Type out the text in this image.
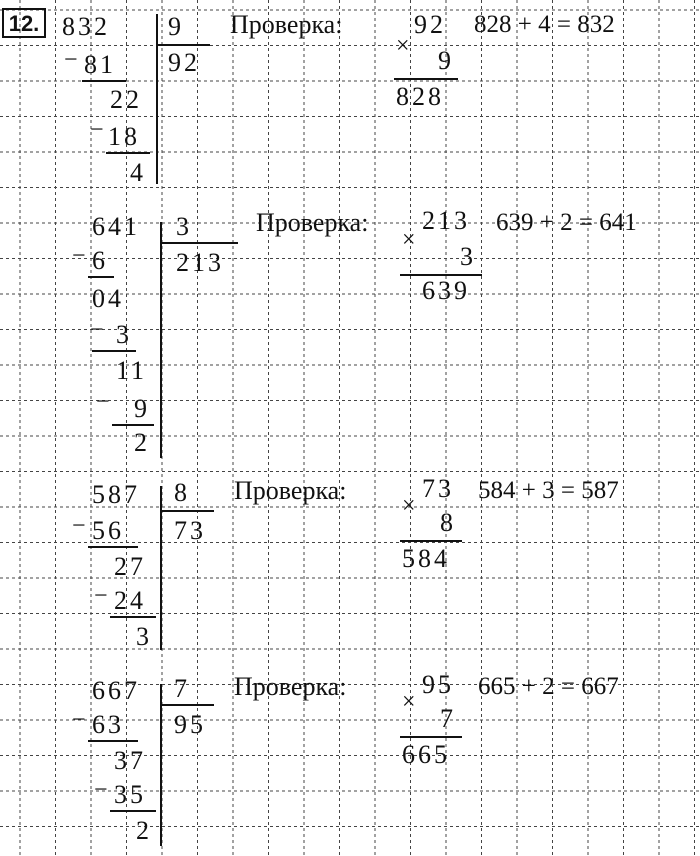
12. 832 9
92
− 81
22
− 18
4
Проверка:	92
× 9
828
828 + 4 = 832
641 3
213
− 6
04
− 3
11
− 9
2
Проверка: 213
×
3
639
639 + 2 = 641
587 8
73
− 56
27
− 24
3
Проверка:	73
×
8
584
584 + 3 = 587
667 7
95
− 63
37
− 35
2
Проверка:	95
×
7
665
665 + 2 = 667
